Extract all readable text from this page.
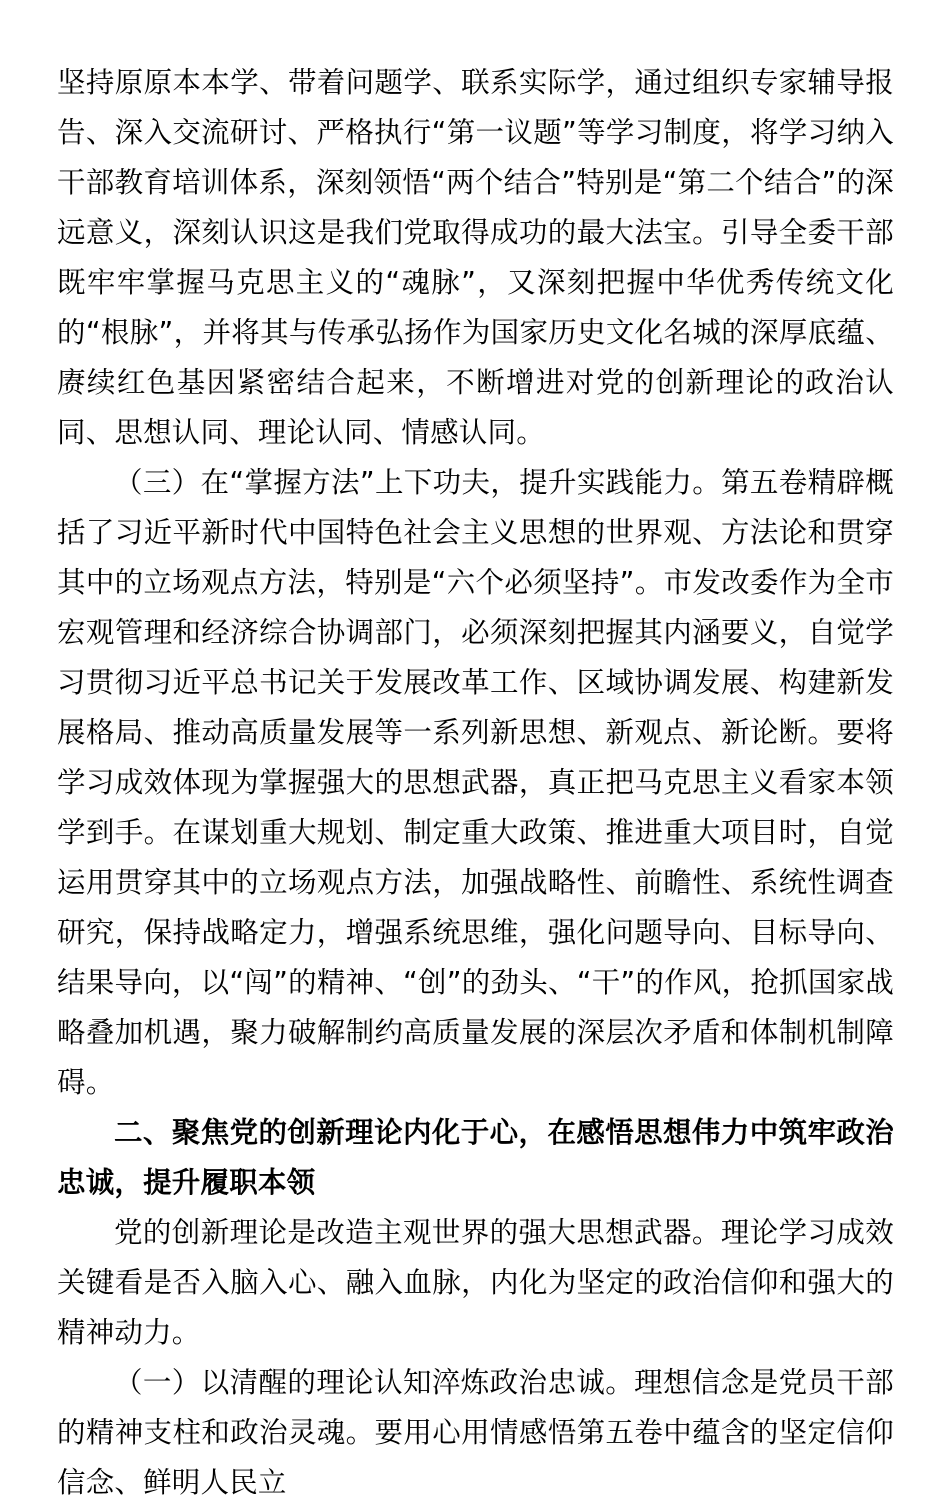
坚持原原本本学、带着问题学、联系实际学，通过组织专家辅导报告、深入交流研讨、严格执行“第一议题”等学习制度，将学习纳入干部教育培训体系，深刻领悟“两个结合”特别是“第二个结合”的深远意义，深刻认识这是我们党取得成功的最大法宝。引导全委干部既牢牢掌握马克思主义的“魂脉”，又深刻把握中华优秀传统文化的“根脉”，并将其与传承弘扬作为国家历史文化名城的深厚底蕴、赓续红色基因紧密结合起来，不断增进对党的创新理论的政治认同、思想认同、理论认同、情感认同。

（三）在“掌握方法”上下功夫，提升实践能力。第五卷精辟概括了习近平新时代中国特色社会主义思想的世界观、方法论和贯穿其中的立场观点方法，特别是“六个必须坚持”。市发改委作为全市宏观管理和经济综合协调部门，必须深刻把握其内涵要义，自觉学习贯彻习近平总书记关于发展改革工作、区域协调发展、构建新发展格局、推动高质量发展等一系列新思想、新观点、新论断。要将学习成效体现为掌握强大的思想武器，真正把马克思主义看家本领学到手。在谋划重大规划、制定重大政策、推进重大项目时，自觉运用贯穿其中的立场观点方法，加强战略性、前瞻性、系统性调查研究，保持战略定力，增强系统思维，强化问题导向、目标导向、结果导向，以“闯”的精神、“创”的劲头、“干”的作风，抢抓国家战略叠加机遇，聚力破解制约高质量发展的深层次矛盾和体制机制障碍。

二、聚焦党的创新理论内化于心，在感悟思想伟力中筑牢政治忠诚，提升履职本领

党的创新理论是改造主观世界的强大思想武器。理论学习成效关键看是否入脑入心、融入血脉，内化为坚定的政治信仰和强大的精神动力。

（一）以清醒的理论认知淬炼政治忠诚。理想信念是党员干部的精神支柱和政治灵魂。要用心用情感悟第五卷中蕴含的坚定信仰信念、鲜明人民立
